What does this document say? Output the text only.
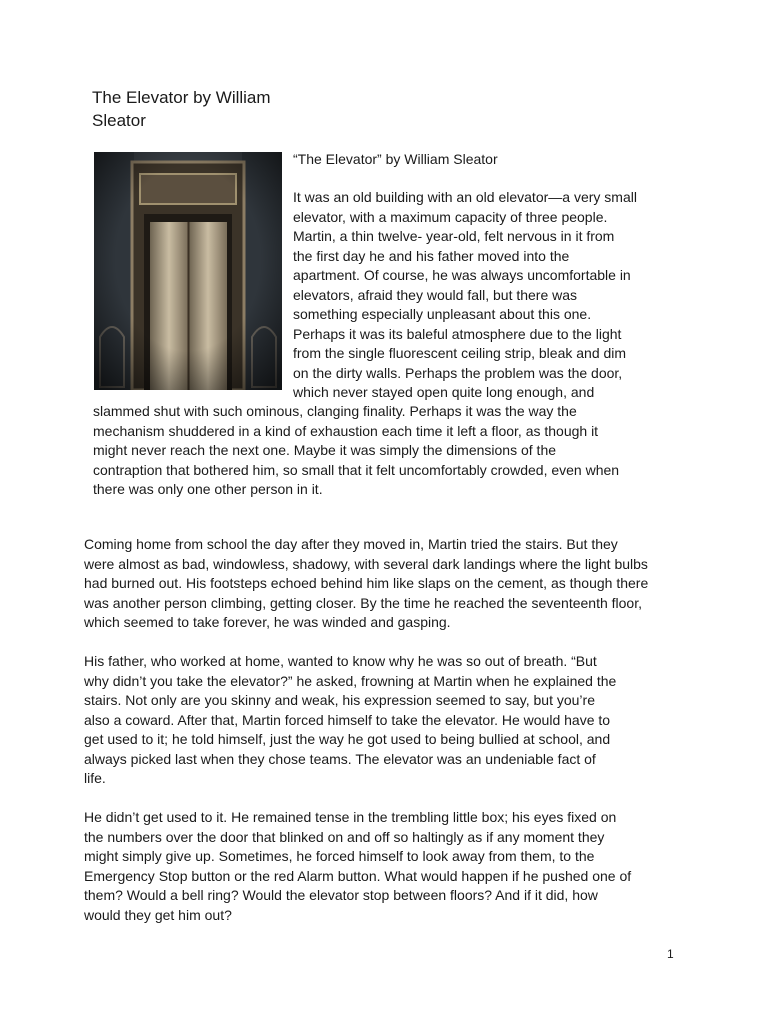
The Elevator by William
Sleator
“The Elevator” by William Sleator
It was an old building with an old elevator—a very small
elevator, with a maximum capacity of three people.
Martin, a thin twelve- year-old, felt nervous in it from
the first day he and his father moved into the
apartment. Of course, he was always uncomfortable in
elevators, afraid they would fall, but there was
something especially unpleasant about this one.
Perhaps it was its baleful atmosphere due to the light
from the single fluorescent ceiling strip, bleak and dim
on the dirty walls. Perhaps the problem was the door,
which never stayed open quite long enough, and
slammed shut with such ominous, clanging finality. Perhaps it was the way the
mechanism shuddered in a kind of exhaustion each time it left a floor, as though it
might never reach the next one. Maybe it was simply the dimensions of the
contraption that bothered him, so small that it felt uncomfortably crowded, even when
there was only one other person in it.
Coming home from school the day after they moved in, Martin tried the stairs. But they
were almost as bad, windowless, shadowy, with several dark landings where the light bulbs
had burned out. His footsteps echoed behind him like slaps on the cement, as though there
was another person climbing, getting closer. By the time he reached the seventeenth floor,
which seemed to take forever, he was winded and gasping.
His father, who worked at home, wanted to know why he was so out of breath. “But
why didn’t you take the elevator?” he asked, frowning at Martin when he explained the
stairs. Not only are you skinny and weak, his expression seemed to say, but you’re
also a coward. After that, Martin forced himself to take the elevator. He would have to
get used to it; he told himself, just the way he got used to being bullied at school, and
always picked last when they chose teams. The elevator was an undeniable fact of
life.
He didn’t get used to it. He remained tense in the trembling little box; his eyes fixed on
the numbers over the door that blinked on and off so haltingly as if any moment they
might simply give up. Sometimes, he forced himself to look away from them, to the
Emergency Stop button or the red Alarm button. What would happen if he pushed one of
them? Would a bell ring? Would the elevator stop between floors? And if it did, how
would they get him out?
1
